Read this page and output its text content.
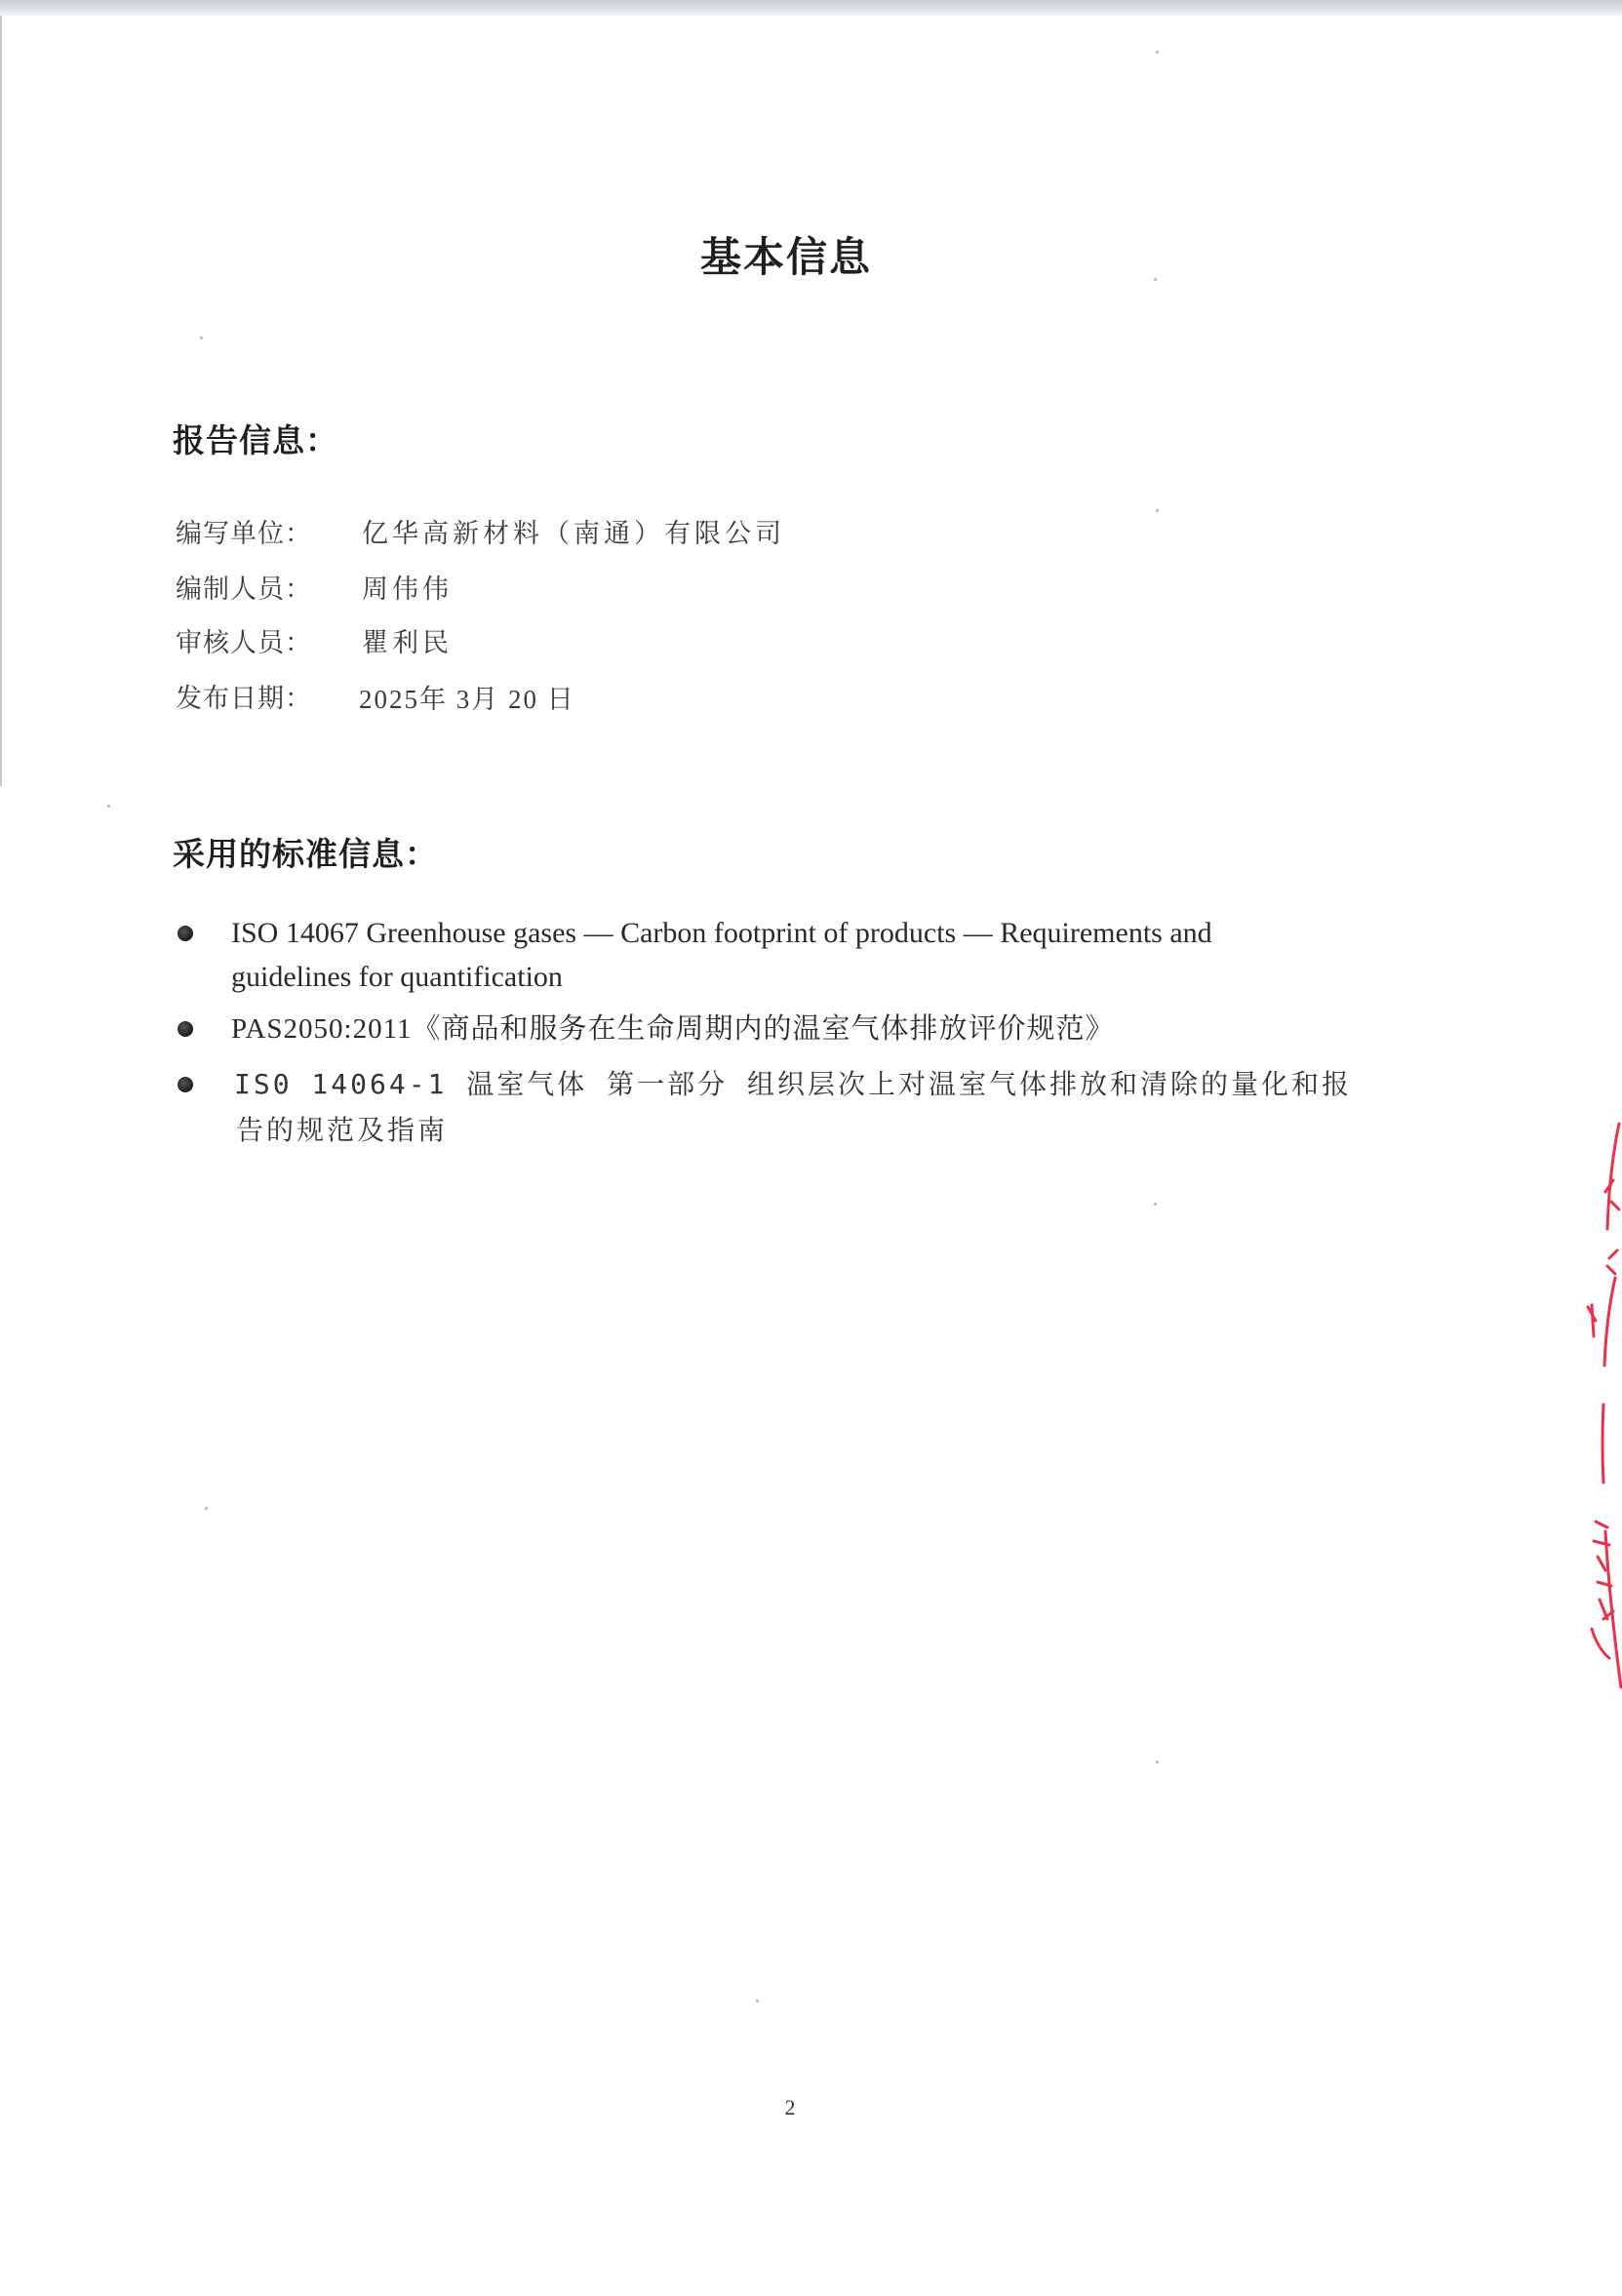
基本信息
报告信息：
编写单位： 亿华高新材料（南通）有限公司
编制人员： 周伟伟
审核人员： 瞿利民
发布日期： 2025年 3月 20 日
采用的标准信息：
ISO 14067 Greenhouse gases — Carbon footprint of products — Requirements and
guidelines for quantification
PAS2050:2011《商品和服务在生命周期内的温室气体排放评价规范》
IS0 14064-1 温室气体 第一部分 组织层次上对温室气体排放和清除的量化和报
告的规范及指南
2
